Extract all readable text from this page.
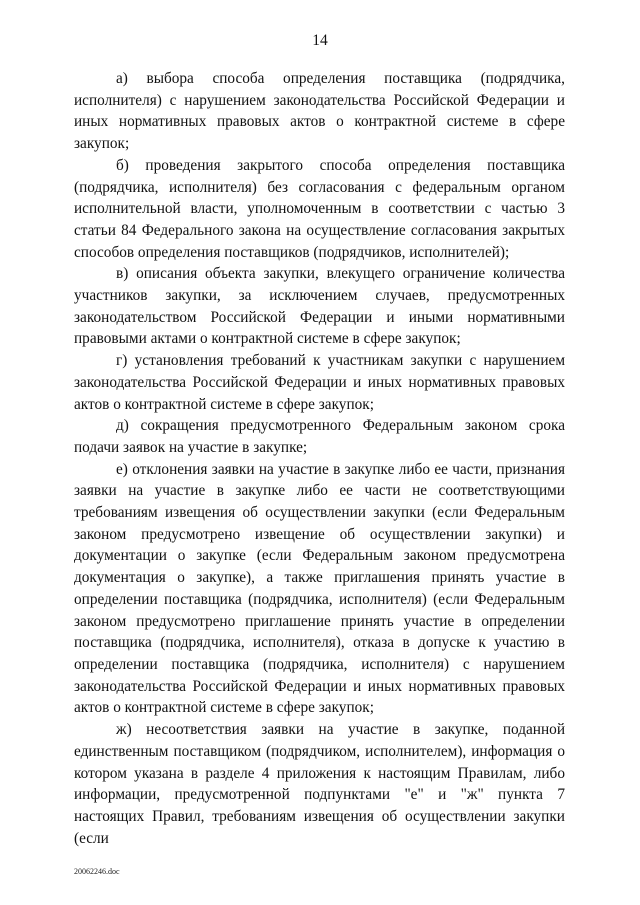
14

а) выбора способа определения поставщика (подрядчика, исполнителя) с нарушением законодательства Российской Федерации и иных нормативных правовых актов о контрактной системе в сфере закупок;

б) проведения закрытого способа определения поставщика (подрядчика, исполнителя) без согласования с федеральным органом исполнительной власти, уполномоченным в соответствии с частью 3 статьи 84 Федерального закона на осуществление согласования закрытых способов определения поставщиков (подрядчиков, исполнителей);

в) описания объекта закупки, влекущего ограничение количества участников закупки, за исключением случаев, предусмотренных законодательством Российской Федерации и иными нормативными правовыми актами о контрактной системе в сфере закупок;

г) установления требований к участникам закупки с нарушением законодательства Российской Федерации и иных нормативных правовых актов о контрактной системе в сфере закупок;

д) сокращения предусмотренного Федеральным законом срока подачи заявок на участие в закупке;

е) отклонения заявки на участие в закупке либо ее части, признания заявки на участие в закупке либо ее части не соответствующими требованиям извещения об осуществлении закупки (если Федеральным законом предусмотрено извещение об осуществлении закупки) и документации о закупке (если Федеральным законом предусмотрена документация о закупке), а также приглашения принять участие в определении поставщика (подрядчика, исполнителя) (если Федеральным законом предусмотрено приглашение принять участие в определении поставщика (подрядчика, исполнителя), отказа в допуске к участию в определении поставщика (подрядчика, исполнителя) с нарушением законодательства Российской Федерации и иных нормативных правовых актов о контрактной системе в сфере закупок;

ж) несоответствия заявки на участие в закупке, поданной единственным поставщиком (подрядчиком, исполнителем), информация о котором указана в разделе 4 приложения к настоящим Правилам, либо информации, предусмотренной подпунктами "е" и "ж" пункта 7 настоящих Правил, требованиям извещения об осуществлении закупки (если

20062246.doc
